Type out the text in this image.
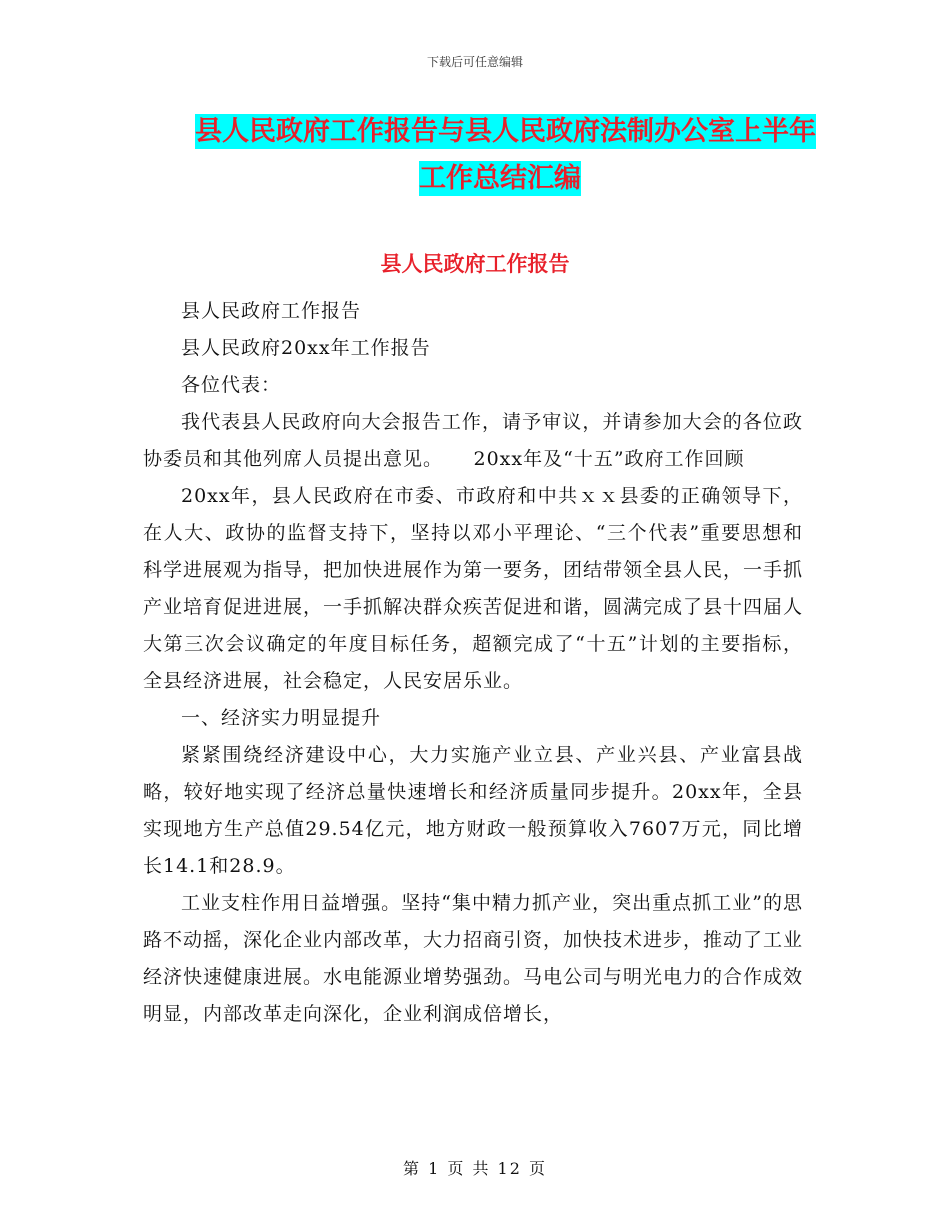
下载后可任意编辑
县人民政府工作报告与县人民政府法制办公室上半年
工作总结汇编
县人民政府工作报告

县人民政府工作报告

县人民政府20xx年工作报告

各位代表：

我代表县人民政府向大会报告工作，请予审议，并请参加大会的各位政协委员和其他列席人员提出意见。　　20xx年及“十五”政府工作回顾

20xx年，县人民政府在市委、市政府和中共ｘｘ县委的正确领导下，在人大、政协的监督支持下，坚持以邓小平理论、“三个代表”重要思想和科学进展观为指导，把加快进展作为第一要务，团结带领全县人民，一手抓产业培育促进进展，一手抓解决群众疾苦促进和谐，圆满完成了县十四届人大第三次会议确定的年度目标任务，超额完成了“十五”计划的主要指标，全县经济进展，社会稳定，人民安居乐业。

一、经济实力明显提升

紧紧围绕经济建设中心，大力实施产业立县、产业兴县、产业富县战略，较好地实现了经济总量快速增长和经济质量同步提升。20xx年，全县实现地方生产总值29.54亿元，地方财政一般预算收入7607万元，同比增长14.1和28.9。

工业支柱作用日益增强。坚持“集中精力抓产业，突出重点抓工业”的思路不动摇，深化企业内部改革，大力招商引资，加快技术进步，推动了工业经济快速健康进展。水电能源业增势强劲。马电公司与明光电力的合作成效明显，内部改革走向深化，企业利润成倍增长，

第 1 页 共 12 页
